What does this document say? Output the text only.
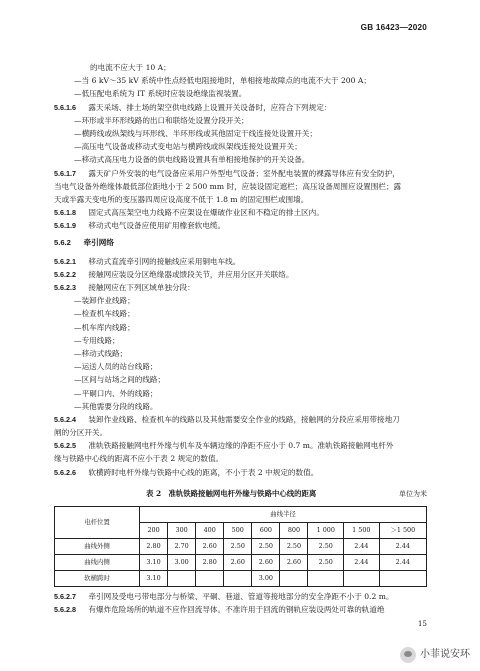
GB 16423—2020
的电流不应大于 10 A；
—当 6 kV～35 kV 系统中性点经低电阻接地时，单相接地故障点的电流不大于 200 A；
—低压配电系统为 IT 系统时应装设绝缘监视装置。
5.6.1.6 露天采场、排土场的架空供电线路上设置开关设备时，应符合下列规定：
—环形或半环形线路的出口和联络处设置分段开关；
—横跨线或纵架线与环形线、半环形线或其他固定干线连接处设置开关；
—高压电气设备或移动式变电站与横跨线或纵架线连接处设置开关；
—移动式高压电力设备的供电线路设置具有单相接地保护的开关设备。
5.6.1.7 露天矿户外安装的电气设备应采用户外型电气设备；室外配电装置的裸露导体应有安全防护，
当电气设备外绝缘体最低部位距地小于 2 500 mm 时，应装设固定遮栏；高压设备周围应设置围栏；露
天或半露天变电所的变压器四周应设高度不低于 1.8 m 的固定围栏或围墙。
5.6.1.8 固定式高压架空电力线路不应架设在爆破作业区和不稳定的排土区内。
5.6.1.9 移动式电气设备应使用矿用橡套软电缆。
5.6.2 牵引网络
5.6.2.1 移动式直流牵引网的接触线应采用铜电车线。
5.6.2.2 接触网应装设分区绝缘器或馈段关节，并应用分区开关联络。
5.6.2.3 接触网应在下列区域单独分段：
—装卸作业线路；
—检查机车线路；
—机车库内线路；
—专用线路；
—移动式线路；
—运送人员的站台线路；
—区间与站场之间的线路；
—平硐口内、外的线路；
—其他需要分段的线路。
5.6.2.4 装卸作业线路、检查机车的线路以及其他需要安全作业的线路，接触网的分段应采用带接地刀
闸的分区开关。
5.6.2.5 准轨铁路接触网电杆外缘与机车及车辆边缘的净距不应小于 0.7 m。准轨铁路接触网电杆外
缘与铁路中心线的距离不应小于表 2 规定的数值。
5.6.2.6 软横跨时电杆外缘与铁路中心线的距离，不小于表 2 中规定的数值。
表 2　准轨铁路接触网电杆外缘与铁路中心线的距离	单位为米
电杆位置	曲线半径								
	200	300	400	500	600	800	1 000	1 500	＞1 500
曲线外侧	2.80	2.70	2.60	2.50	2.50	2.50	2.50	2.44	2.44
曲线内侧	3.10	3.00	2.80	2.60	2.60	2.60	2.50	2.44	2.44
软横跨时	3.10				3.00				
5.6.2.7 牵引网及受电弓带电部分与桥梁、平硐、巷道、管道等接地部分的安全净距不小于 0.2 m。
5.6.2.8 有爆炸危险场所的轨道不应作回流导体。不准许用于回流的钢轨应装设两处可靠的轨道绝
15
小菲说安环
